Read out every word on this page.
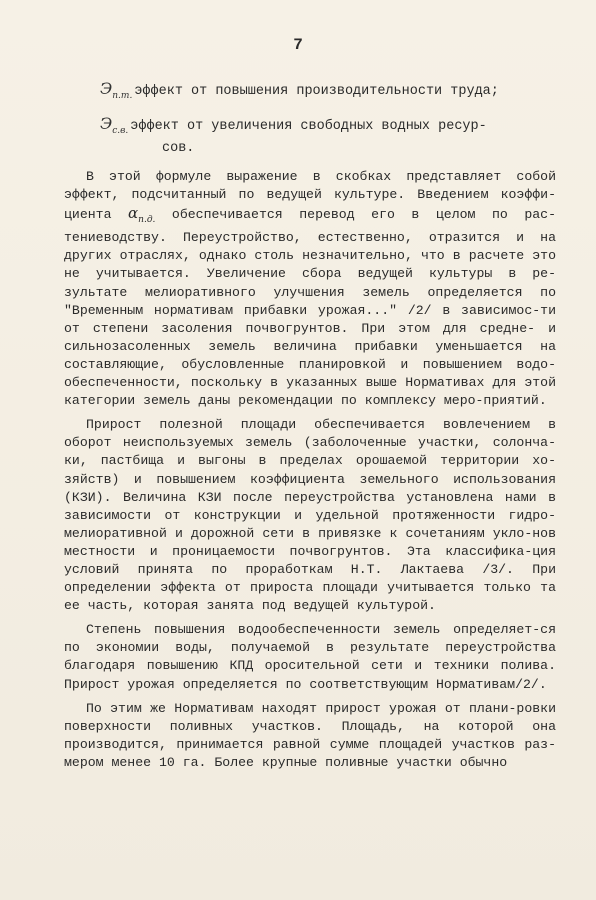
7
$Э_{п.т.}$ эффект от повышения производительности труда;
$Э_{с.в.}$ эффект от увеличения свободных водных ресур-
сов.

В этой формуле выражение в скобках представляет собой эффект, подсчитанный по ведущей культуре. Введением коэффи-циента $\alpha_{п.д.}$ обеспечивается перевод его в целом по рас-тениеводству. Переустройство, естественно, отразится и на других отраслях, однако столь незначительно, что в расчете это не учитывается. Увеличение сбора ведущей культуры в ре-зультате мелиоративного улучшения земель определяется по "Временным нормативам прибавки урожая..." /2/ в зависимос-ти от степени засоления почвогрунтов. При этом для средне- и сильнозасоленных земель величина прибавки уменьшается на составляющие, обусловленные планировкой и повышением водо-обеспеченности, поскольку в указанных выше Нормативах для этой категории земель даны рекомендации по комплексу меро-приятий.

Прирост полезной площади обеспечивается вовлечением в оборот неиспользуемых земель (заболоченные участки, солонча-ки, пастбища и выгоны в пределах орошаемой территории хо-зяйств) и повышением коэффициента земельного использования (КЗИ). Величина КЗИ после переустройства установлена нами в зависимости от конструкции и удельной протяженности гидро-мелиоративной и дорожной сети в привязке к сочетаниям укло-нов местности и проницаемости почвогрунтов. Эта классифика-ция условий принята по проработкам Н.Т. Лактаева /3/. При определении эффекта от прироста площади учитывается только та ее часть, которая занята под ведущей культурой.

Степень повышения водообеспеченности земель определяет-ся по экономии воды, получаемой в результате переустройства благодаря повышению КПД оросительной сети и техники полива. Прирост урожая определяется по соответствующим Нормативам/2/.

По этим же Нормативам находят прирост урожая от плани-ровки поверхности поливных участков. Площадь, на которой она производится, принимается равной сумме площадей участков раз-мером менее 10 га. Более крупные поливные участки обычно
